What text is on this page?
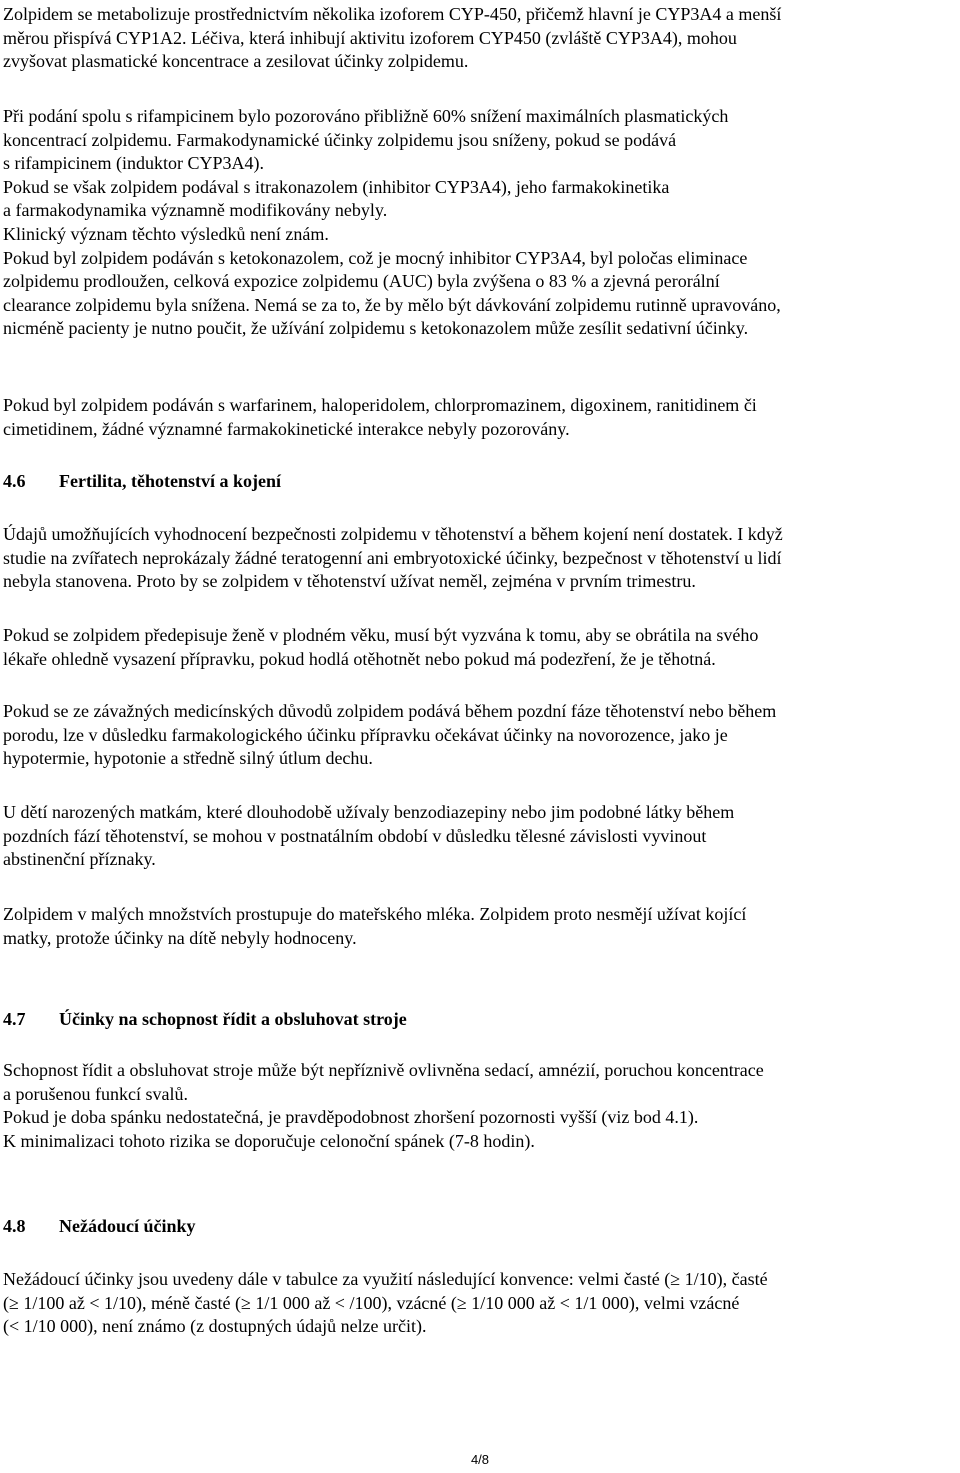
Zolpidem se metabolizuje prostřednictvím několika izoforem CYP-450, přičemž hlavní je CYP3A4 a menší
měrou přispívá CYP1A2. Léčiva, která inhibují aktivitu izoforem CYP450 (zvláště CYP3A4), mohou
zvyšovat plasmatické koncentrace a zesilovat účinky zolpidemu.

Při podání spolu s rifampicinem bylo pozorováno přibližně 60% snížení maximálních plasmatických
koncentrací zolpidemu. Farmakodynamické účinky zolpidemu jsou sníženy, pokud se podává
s rifampicinem (induktor CYP3A4).
Pokud se však zolpidem podával s itrakonazolem (inhibitor CYP3A4), jeho farmakokinetika
a farmakodynamika významně modifikovány nebyly.
Klinický význam těchto výsledků není znám.
Pokud byl zolpidem podáván s ketokonazolem, což je mocný inhibitor CYP3A4, byl poločas eliminace
zolpidemu prodloužen, celková expozice zolpidemu (AUC) byla zvýšena o 83 % a zjevná perorální
clearance zolpidemu byla snížena. Nemá se za to, že by mělo být dávkování zolpidemu rutinně upravováno,
nicméně pacienty je nutno poučit, že užívání zolpidemu s ketokonazolem může zesílit sedativní účinky.

Pokud byl zolpidem podáván s warfarinem, haloperidolem, chlorpromazinem, digoxinem, ranitidinem či
cimetidinem, žádné významné farmakokinetické interakce nebyly pozorovány.

4.6 Fertilita, těhotenství a kojení

Údajů umožňujících vyhodnocení bezpečnosti zolpidemu v těhotenství a během kojení není dostatek. I když
studie na zvířatech neprokázaly žádné teratogenní ani embryotoxické účinky, bezpečnost v těhotenství u lidí
nebyla stanovena. Proto by se zolpidem v těhotenství užívat neměl, zejména v prvním trimestru.

Pokud se zolpidem předepisuje ženě v plodném věku, musí být vyzvána k tomu, aby se obrátila na svého
lékaře ohledně vysazení přípravku, pokud hodlá otěhotnět nebo pokud má podezření, že je těhotná.

Pokud se ze závažných medicínských důvodů zolpidem podává během pozdní fáze těhotenství nebo během
porodu, lze v důsledku farmakologického účinku přípravku očekávat účinky na novorozence, jako je
hypotermie, hypotonie a středně silný útlum dechu.

U dětí narozených matkám, které dlouhodobě užívaly benzodiazepiny nebo jim podobné látky během
pozdních fází těhotenství, se mohou v postnatálním období v důsledku tělesné závislosti vyvinout
abstinenční příznaky.

Zolpidem v malých množstvích prostupuje do mateřského mléka. Zolpidem proto nesmějí užívat kojící
matky, protože účinky na dítě nebyly hodnoceny.

4.7 Účinky na schopnost řídit a obsluhovat stroje

Schopnost řídit a obsluhovat stroje může být nepříznivě ovlivněna sedací, amnézií, poruchou koncentrace
a porušenou funkcí svalů.
Pokud je doba spánku nedostatečná, je pravděpodobnost zhoršení pozornosti vyšší (viz bod 4.1).
K minimalizaci tohoto rizika se doporučuje celonoční spánek (7-8 hodin).

4.8 Nežádoucí účinky

Nežádoucí účinky jsou uvedeny dále v tabulce za využití následující konvence: velmi časté (≥ 1/10), časté
(≥ 1/100 až < 1/10), méně časté (≥ 1/1 000 až < /100), vzácné (≥ 1/10 000 až < 1/1 000), velmi vzácné
(< 1/10 000), není známo (z dostupných údajů nelze určit).

4/8
